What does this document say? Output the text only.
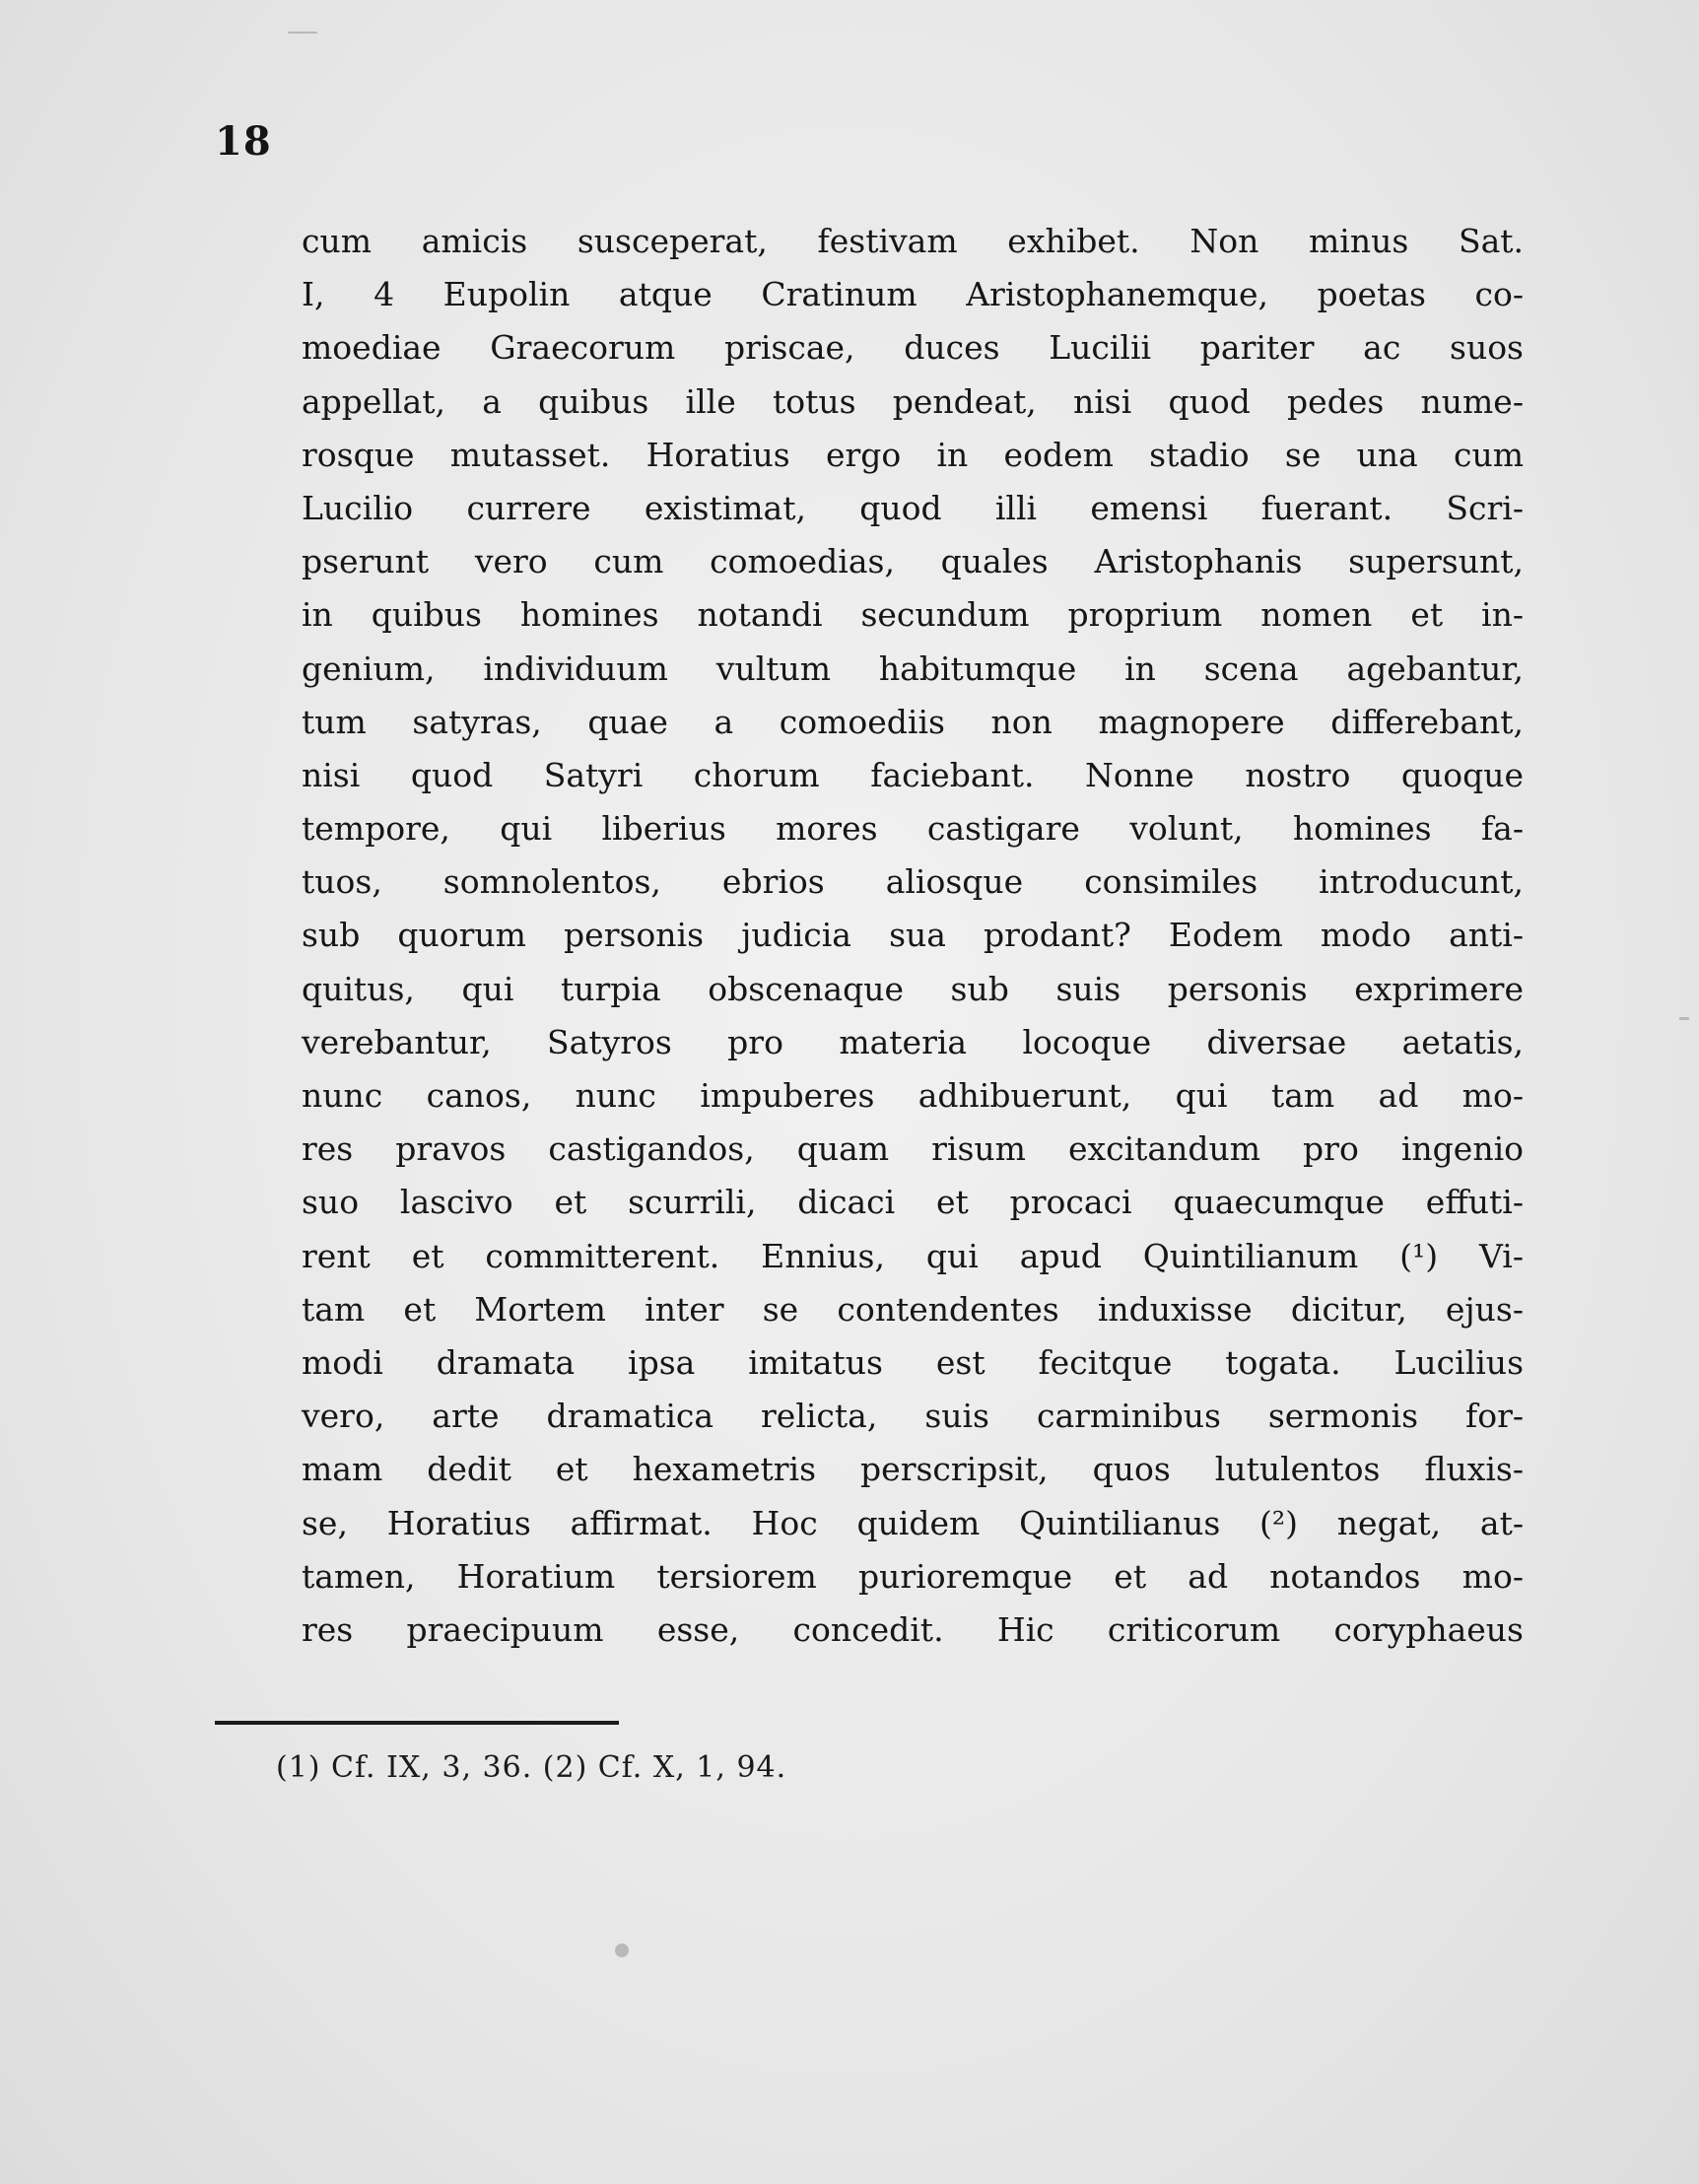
18
cum amicis susceperat, festivam exhibet. Non minus Sat.
I, 4 Eupolin atque Cratinum Aristophanemque, poetas co-
moediae Graecorum priscae, duces Lucilii pariter ac suos
appellat, a quibus ille totus pendeat, nisi quod pedes nume-
rosque mutasset. Horatius ergo in eodem stadio se una cum
Lucilio currere existimat, quod illi emensi fuerant. Scri-
pserunt vero cum comoedias, quales Aristophanis supersunt,
in quibus homines notandi secundum proprium nomen et in-
genium, individuum vultum habitumque in scena agebantur,
tum satyras, quae a comoediis non magnopere differebant,
nisi quod Satyri chorum faciebant. Nonne nostro quoque
tempore, qui liberius mores castigare volunt, homines fa-
tuos, somnolentos, ebrios aliosque consimiles introducunt,
sub quorum personis judicia sua prodant? Eodem modo anti-
quitus, qui turpia obscenaque sub suis personis exprimere
verebantur, Satyros pro materia locoque diversae aetatis,
nunc canos, nunc impuberes adhibuerunt, qui tam ad mo-
res pravos castigandos, quam risum excitandum pro ingenio
suo lascivo et scurrili, dicaci et procaci quaecumque effuti-
rent et committerent. Ennius, qui apud Quintilianum (¹) Vi-
tam et Mortem inter se contendentes induxisse dicitur, ejus-
modi dramata ipsa imitatus est fecitque togata. Lucilius
vero, arte dramatica relicta, suis carminibus sermonis for-
mam dedit et hexametris perscripsit, quos lutulentos fluxis-
se, Horatius affirmat. Hoc quidem Quintilianus (²) negat, at-
tamen, Horatium tersiorem purioremque et ad notandos mo-
res praecipuum esse, concedit. Hic criticorum coryphaeus
(1) Cf. IX, 3, 36. (2) Cf. X, 1, 94.
